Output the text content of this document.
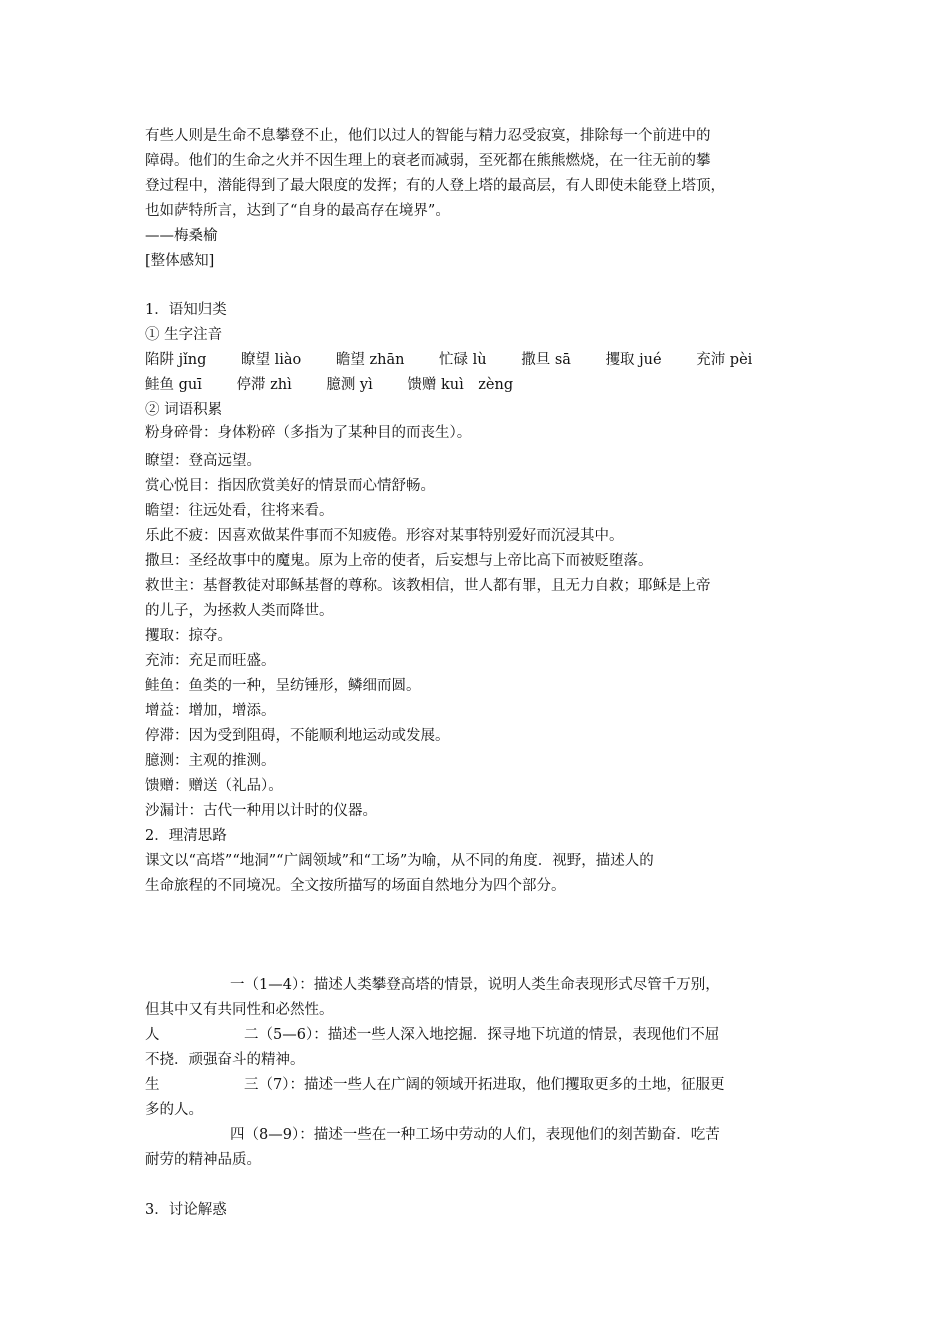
有些人则是生命不息攀登不止，他们以过人的智能与精力忍受寂寞，排除每一个前进中的
障碍。他们的生命之火并不因生理上的衰老而减弱，至死都在熊熊燃烧，在一往无前的攀
登过程中，潜能得到了最大限度的发挥；有的人登上塔的最高层，有人即使未能登上塔顶，
也如萨特所言，达到了“自身的最高存在境界”。
——梅桑榆
[整体感知]
1．语知归类
① 生字注音
陷阱 jǐng 瞭望 liào 瞻望 zhān 忙碌 lù 撒旦 sā 攫取 jué 充沛 pèi
鲑鱼 guī 停滞 zhì 臆测 yì 馈赠 kuì　zèng
② 词语积累
粉身碎骨：身体粉碎（多指为了某种目的而丧生）。
瞭望：登高远望。
赏心悦目：指因欣赏美好的情景而心情舒畅。
瞻望：往远处看，往将来看。
乐此不疲：因喜欢做某件事而不知疲倦。形容对某事特别爱好而沉浸其中。
撒旦：圣经故事中的魔鬼。原为上帝的使者，后妄想与上帝比高下而被贬堕落。
救世主：基督教徒对耶稣基督的尊称。该教相信，世人都有罪，且无力自救；耶稣是上帝
的儿子，为拯救人类而降世。
攫取：掠夺。
充沛：充足而旺盛。
鲑鱼：鱼类的一种，呈纺锤形，鳞细而圆。
增益：增加，增添。
停滞：因为受到阻碍，不能顺利地运动或发展。
臆测：主观的推测。
馈赠：赠送（礼品）。
沙漏计：古代一种用以计时的仪器。
2．理清思路
课文以“高塔”“地洞”“广阔领域”和“工场”为喻，从不同的角度．视野，描述人的
生命旅程的不同境况。全文按所描写的场面自然地分为四个部分。
一（1—4）：描述人类攀登高塔的情景，说明人类生命表现形式尽管千万别，
但其中又有共同性和必然性。
人	二（5—6）：描述一些人深入地挖掘．探寻地下坑道的情景，表现他们不屈
不挠．顽强奋斗的精神。
生	三（7）：描述一些人在广阔的领域开拓进取，他们攫取更多的土地，征服更
多的人。
四（8—9）：描述一些在一种工场中劳动的人们，表现他们的刻苦勤奋．吃苦
耐劳的精神品质。
3．讨论解惑
